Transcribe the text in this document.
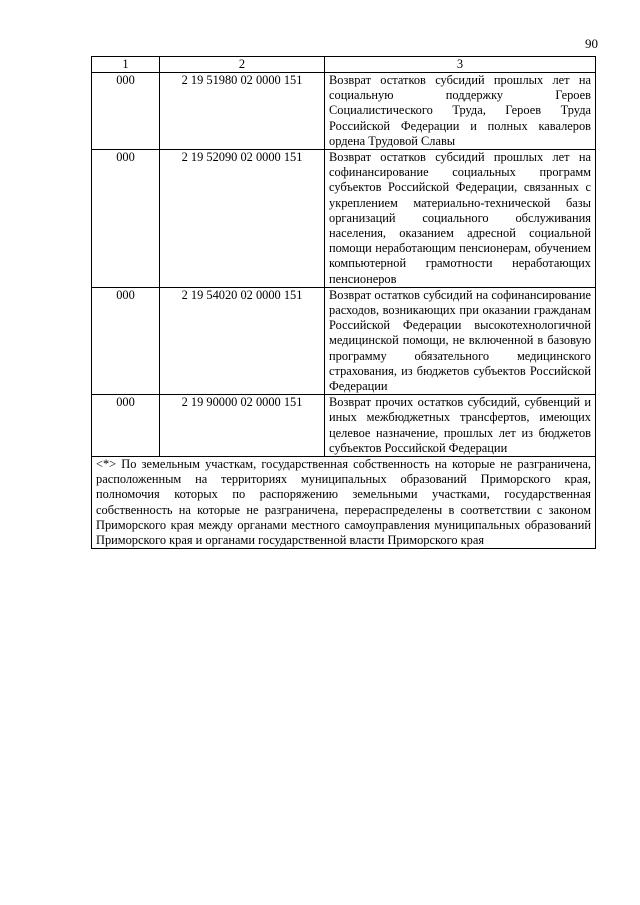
90
1	2	3
000	2 19 51980 02 0000 151	Возврат остатков субсидий прошлых лет на социальную поддержку Героев Социалистического Труда, Героев Труда Российской Федерации и полных кавалеров ордена Трудовой Славы
000	2 19 52090 02 0000 151	Возврат остатков субсидий прошлых лет на софинансирование социальных программ субъектов Российской Федерации, связанных с укреплением материально-технической базы организаций социального обслуживания населения, оказанием адресной социальной помощи неработающим пенсионерам, обучением компьютерной грамотности неработающих пенсионеров
000	2 19 54020 02 0000 151	Возврат остатков субсидий на софинансирование расходов, возникающих при оказании гражданам Российской Федерации высокотехнологичной медицинской помощи, не включенной в базовую программу обязательного медицинского страхования, из бюджетов субъектов Российской Федерации
000	2 19 90000 02 0000 151	Возврат прочих остатков субсидий, субвенций и иных межбюджетных трансфертов, имеющих целевое назначение, прошлых лет из бюджетов субъектов Российской Федерации
<*> По земельным участкам, государственная собственность на которые не разграничена, расположенным на территориях муниципальных образований Приморского края, полномочия которых по распоряжению земельными участками, государственная собственность на которые не разграничена, перераспределены в соответствии с законом Приморского края между органами местного самоуправления муниципальных образований Приморского края и органами государственной власти Приморского края		
